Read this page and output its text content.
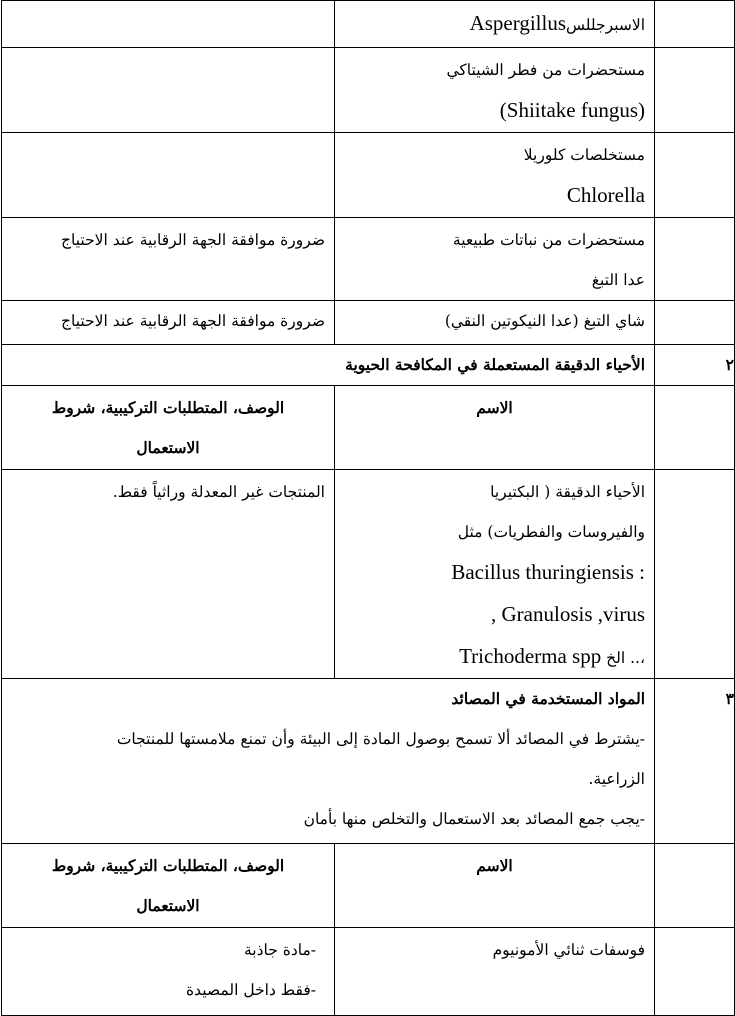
	الاسبرجللسAspergillus	

	مستحضرات من فطر الشيتاكي
(Shiitake fungus)	

	مستخلصات كلوريلا
Chlorella	

	مستحضرات من نباتات طبيعية
عدا التبغ	ضرورة موافقة الجهة الرقابية عند الاحتياج

	شاي التبغ (عدا النيكوتين النقي)	ضرورة موافقة الجهة الرقابية عند الاحتياج

٢	الأحياء الدقيقة المستعملة في المكافحة الحيوية	

	الاسم	الوصف، المتطلبات التركيبية، شروط
الاستعمال

	الأحياء الدقيقة ( البكتيريا
والفيروسات والفطريات) مثل
Bacillus thuringiensis :
, Granulosis ,virus
،.. الخ Trichoderma spp	المنتجات غير المعدلة وراثياً فقط.

٣	المواد المستخدمة في المصائد
-يشترط في المصائد ألا تسمح بوصول المادة إلى البيئة وأن تمنع ملامستها للمنتجات
الزراعية.
-يجب جمع المصائد بعد الاستعمال والتخلص منها بأمان	

	الاسم	الوصف، المتطلبات التركيبية، شروط
الاستعمال

	فوسفات ثنائي الأمونيوم	-مادة جاذبة
-فقط داخل المصيدة
